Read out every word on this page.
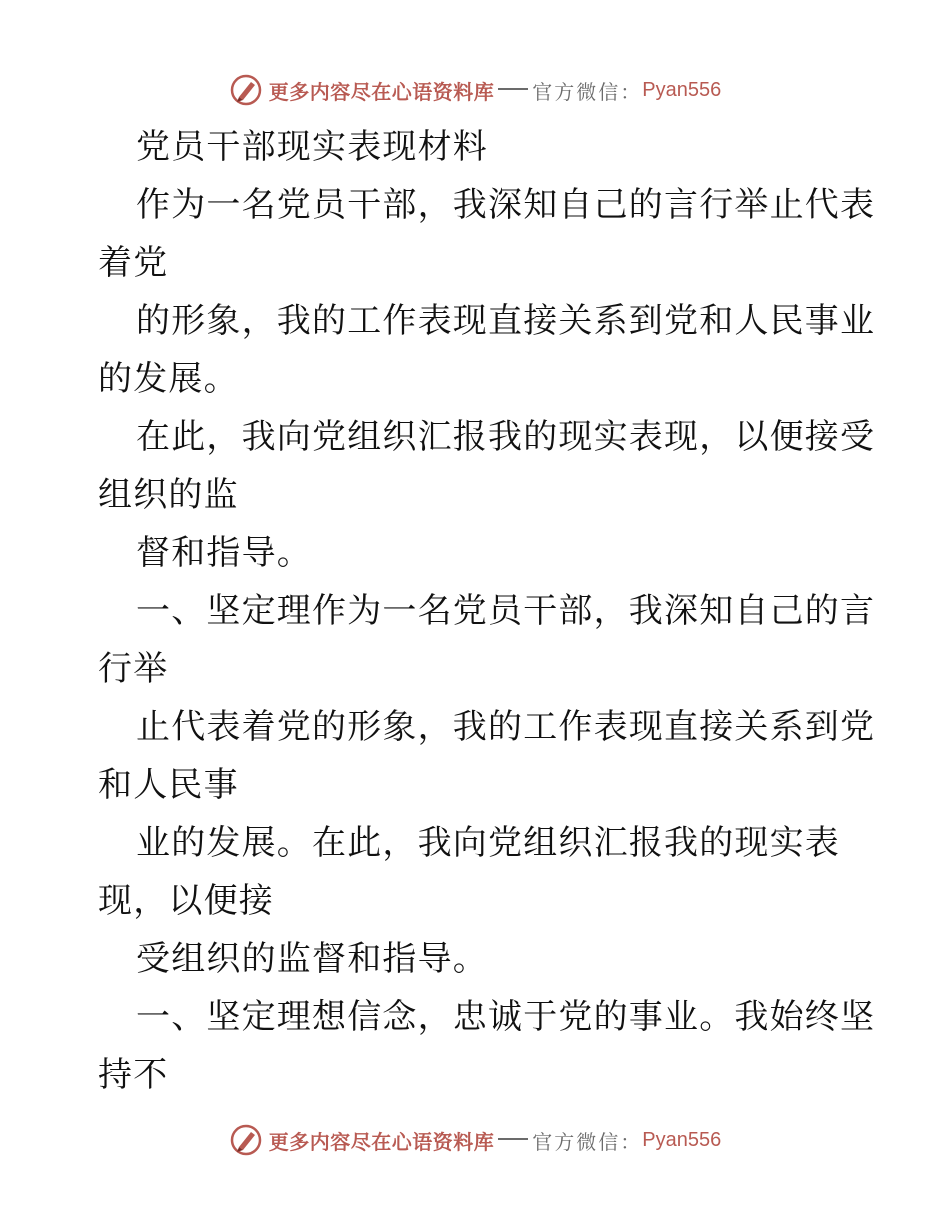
更多内容尽在心语资料库 官方微信： Pyan556
党员干部现实表现材料
作为一名党员干部，我深知自己的言行举止代表
着党
的形象，我的工作表现直接关系到党和人民事业
的发展。
在此，我向党组织汇报我的现实表现，以便接受
组织的监
督和指导。
一、坚定理作为一名党员干部，我深知自己的言
行举
止代表着党的形象，我的工作表现直接关系到党
和人民事
业的发展。在此，我向党组织汇报我的现实表
现，以便接
受组织的监督和指导。
一、坚定理想信念，忠诚于党的事业。我始终坚
持不
更多内容尽在心语资料库 官方微信： Pyan556
